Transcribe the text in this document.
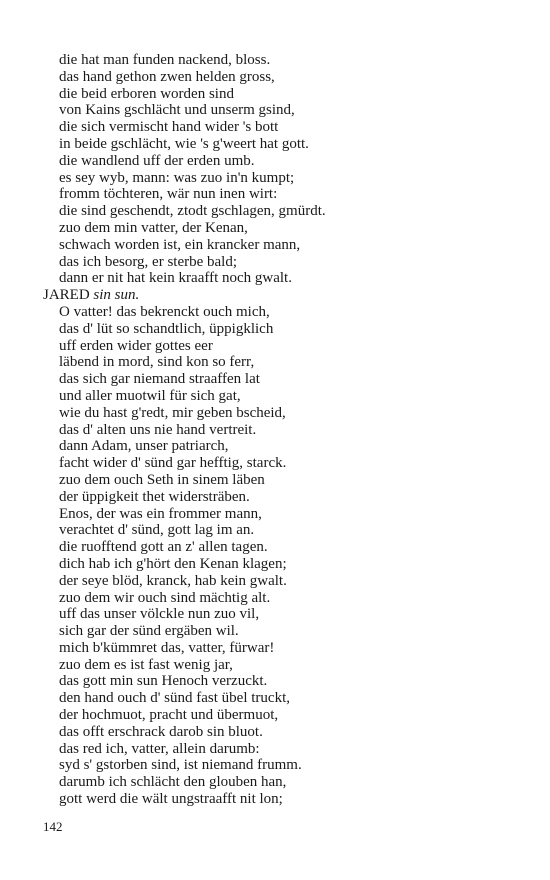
die hat man funden nackend, bloss.
das hand gethon zwen helden gross,
die beid erboren worden sind
von Kains gschlächt und unserm gsind,
die sich vermischt hand wider 's bott
in beide gschlächt, wie 's g'weert hat gott.
die wandlend uff der erden umb.
es sey wyb, mann: was zuo in'n kumpt;
fromm töchteren, wär nun inen wirt:
die sind geschendt, ztodt gschlagen, gmürdt.
zuo dem min vatter, der Kenan,
schwach worden ist, ein krancker mann,
das ich besorg, er sterbe bald;
dann er nit hat kein kraafft noch gwalt.
JARED sin sun.
O vatter! das bekrenckt ouch mich,
das d' lüt so schandtlich, üppigklich
uff erden wider gottes eer
läbend in mord, sind kon so ferr,
das sich gar niemand straaffen lat
und aller muotwil für sich gat,
wie du hast g'redt, mir geben bscheid,
das d' alten uns nie hand vertreit.
dann Adam, unser patriarch,
facht wider d' sünd gar hefftig, starck.
zuo dem ouch Seth in sinem läben
der üppigkeit thet widersträben.
Enos, der was ein frommer mann,
verachtet d' sünd, gott lag im an.
die ruofftend gott an z' allen tagen.
dich hab ich g'hört den Kenan klagen;
der seye blöd, kranck, hab kein gwalt.
zuo dem wir ouch sind mächtig alt.
uff das unser völckle nun zuo vil,
sich gar der sünd ergäben wil.
mich b'kümmret das, vatter, fürwar!
zuo dem es ist fast wenig jar,
das gott min sun Henoch verzuckt.
den hand ouch d' sünd fast übel truckt,
der hochmuot, pracht und übermuot,
das offt erschrack darob sin bluot.
das red ich, vatter, allein darumb:
syd s' gstorben sind, ist niemand frumm.
darumb ich schlächt den glouben han,
gott werd die wält ungstraafft nit lon;
142
